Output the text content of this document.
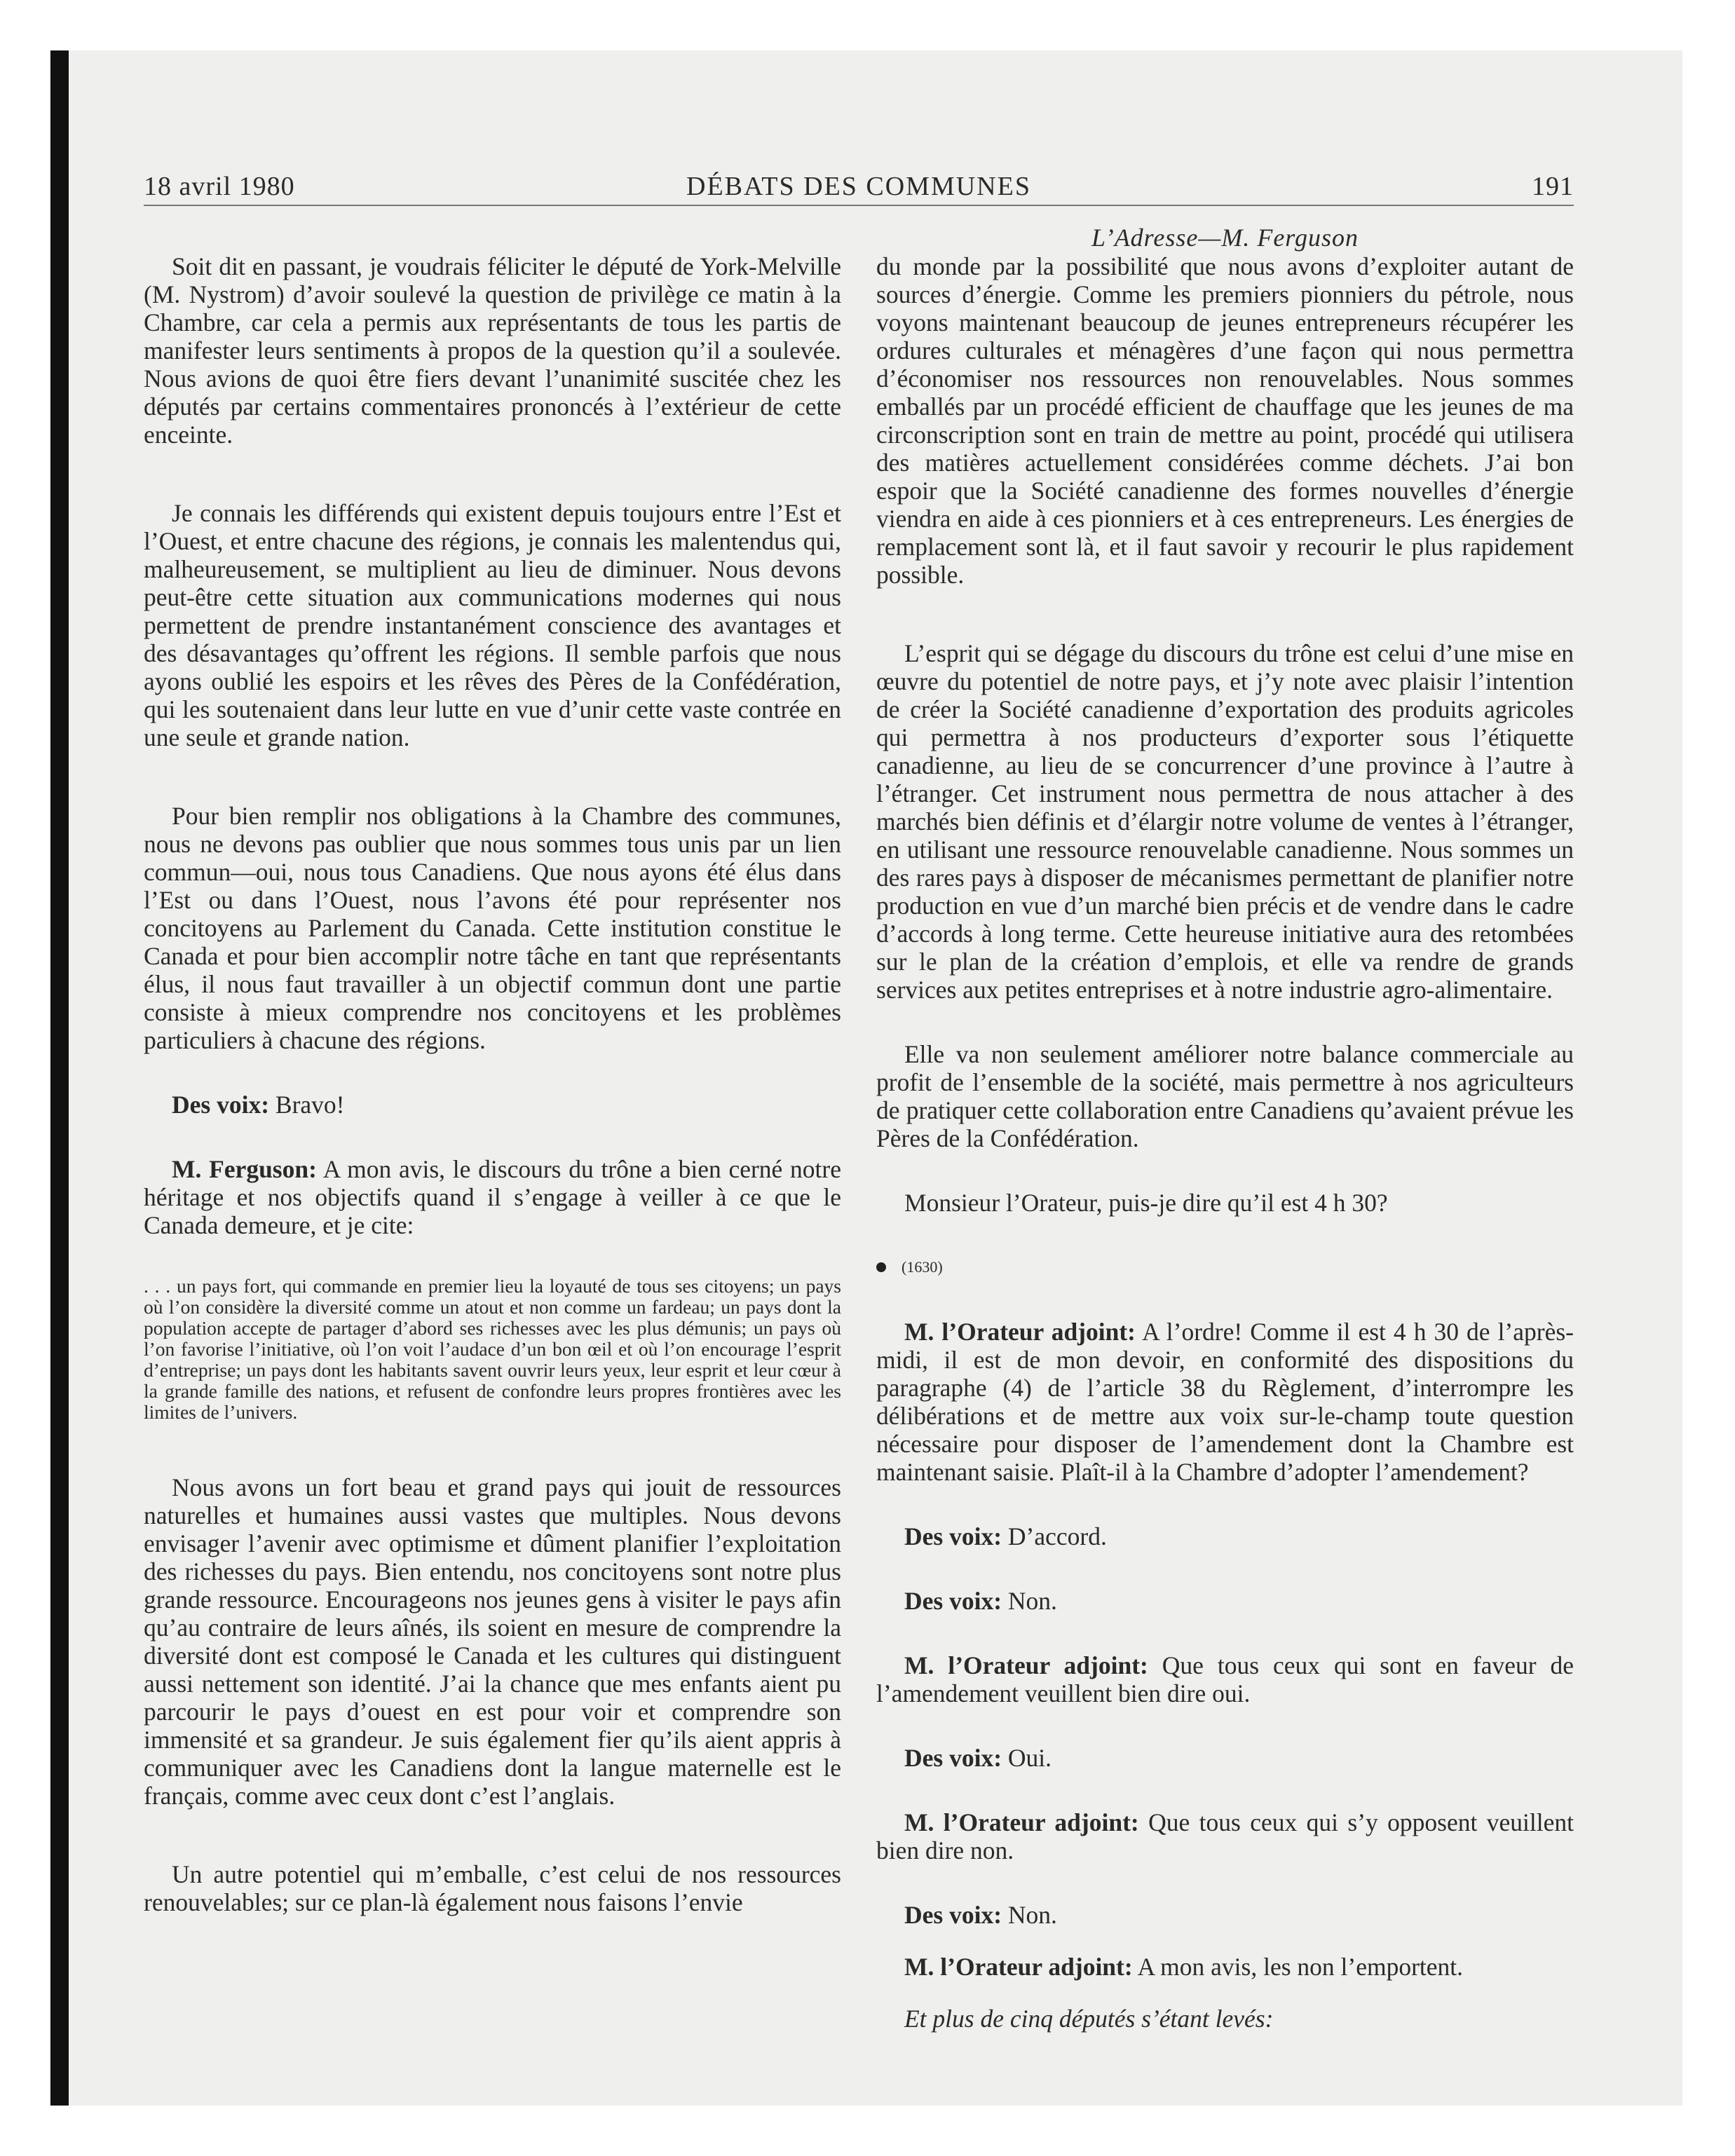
18 avril 1980	DÉBATS DES COMMUNES	191
L’Adresse—M. Ferguson

Soit dit en passant, je voudrais féliciter le député de York-Melville (M. Nystrom) d’avoir soulevé la question de privilège ce matin à la Chambre, car cela a permis aux représentants de tous les partis de manifester leurs sentiments à propos de la question qu’il a soulevée. Nous avions de quoi être fiers devant l’unanimité suscitée chez les députés par certains commentaires prononcés à l’extérieur de cette enceinte.

Je connais les différends qui existent depuis toujours entre l’Est et l’Ouest, et entre chacune des régions, je connais les malentendus qui, malheureusement, se multiplient au lieu de diminuer. Nous devons peut-être cette situation aux communications modernes qui nous permettent de prendre instantanément conscience des avantages et des désavantages qu’offrent les régions. Il semble parfois que nous ayons oublié les espoirs et les rêves des Pères de la Confédération, qui les soutenaient dans leur lutte en vue d’unir cette vaste contrée en une seule et grande nation.

Pour bien remplir nos obligations à la Chambre des communes, nous ne devons pas oublier que nous sommes tous unis par un lien commun—oui, nous tous Canadiens. Que nous ayons été élus dans l’Est ou dans l’Ouest, nous l’avons été pour représenter nos concitoyens au Parlement du Canada. Cette institution constitue le Canada et pour bien accomplir notre tâche en tant que représentants élus, il nous faut travailler à un objectif commun dont une partie consiste à mieux comprendre nos concitoyens et les problèmes particuliers à chacune des régions.

Des voix: Bravo!

M. Ferguson: A mon avis, le discours du trône a bien cerné notre héritage et nos objectifs quand il s’engage à veiller à ce que le Canada demeure, et je cite:

. . . un pays fort, qui commande en premier lieu la loyauté de tous ses citoyens; un pays où l’on considère la diversité comme un atout et non comme un fardeau; un pays dont la population accepte de partager d’abord ses richesses avec les plus démunis; un pays où l’on favorise l’initiative, où l’on voit l’audace d’un bon œil et où l’on encourage l’esprit d’entreprise; un pays dont les habitants savent ouvrir leurs yeux, leur esprit et leur cœur à la grande famille des nations, et refusent de confondre leurs propres frontières avec les limites de l’univers.

Nous avons un fort beau et grand pays qui jouit de ressources naturelles et humaines aussi vastes que multiples. Nous devons envisager l’avenir avec optimisme et dûment planifier l’exploitation des richesses du pays. Bien entendu, nos concitoyens sont notre plus grande ressource. Encourageons nos jeunes gens à visiter le pays afin qu’au contraire de leurs aînés, ils soient en mesure de comprendre la diversité dont est composé le Canada et les cultures qui distinguent aussi nettement son identité. J’ai la chance que mes enfants aient pu parcourir le pays d’ouest en est pour voir et comprendre son immensité et sa grandeur. Je suis également fier qu’ils aient appris à communiquer avec les Canadiens dont la langue maternelle est le français, comme avec ceux dont c’est l’anglais.

Un autre potentiel qui m’emballe, c’est celui de nos ressources renouvelables; sur ce plan-là également nous faisons l’envie

du monde par la possibilité que nous avons d’exploiter autant de sources d’énergie. Comme les premiers pionniers du pétrole, nous voyons maintenant beaucoup de jeunes entrepreneurs récupérer les ordures culturales et ménagères d’une façon qui nous permettra d’économiser nos ressources non renouvelables. Nous sommes emballés par un procédé efficient de chauffage que les jeunes de ma circonscription sont en train de mettre au point, procédé qui utilisera des matières actuellement considérées comme déchets. J’ai bon espoir que la Société canadienne des formes nouvelles d’énergie viendra en aide à ces pionniers et à ces entrepreneurs. Les énergies de remplacement sont là, et il faut savoir y recourir le plus rapidement possible.

L’esprit qui se dégage du discours du trône est celui d’une mise en œuvre du potentiel de notre pays, et j’y note avec plaisir l’intention de créer la Société canadienne d’exportation des produits agricoles qui permettra à nos producteurs d’exporter sous l’étiquette canadienne, au lieu de se concurrencer d’une province à l’autre à l’étranger. Cet instrument nous permettra de nous attacher à des marchés bien définis et d’élargir notre volume de ventes à l’étranger, en utilisant une ressource renouvelable canadienne. Nous sommes un des rares pays à disposer de mécanismes permettant de planifier notre production en vue d’un marché bien précis et de vendre dans le cadre d’accords à long terme. Cette heureuse initiative aura des retombées sur le plan de la création d’emplois, et elle va rendre de grands services aux petites entreprises et à notre industrie agro-alimentaire.

Elle va non seulement améliorer notre balance commerciale au profit de l’ensemble de la société, mais permettre à nos agriculteurs de pratiquer cette collaboration entre Canadiens qu’avaient prévue les Pères de la Confédération.

Monsieur l’Orateur, puis-je dire qu’il est 4 h 30?

(1630)

M. l’Orateur adjoint: A l’ordre! Comme il est 4 h 30 de l’après-midi, il est de mon devoir, en conformité des dispositions du paragraphe (4) de l’article 38 du Règlement, d’interrompre les délibérations et de mettre aux voix sur-le-champ toute question nécessaire pour disposer de l’amendement dont la Chambre est maintenant saisie. Plaît-il à la Chambre d’adopter l’amendement?

Des voix: D’accord.

Des voix: Non.

M. l’Orateur adjoint: Que tous ceux qui sont en faveur de l’amendement veuillent bien dire oui.

Des voix: Oui.

M. l’Orateur adjoint: Que tous ceux qui s’y opposent veuillent bien dire non.

Des voix: Non.

M. l’Orateur adjoint: A mon avis, les non l’emportent.

Et plus de cinq députés s’étant levés:
